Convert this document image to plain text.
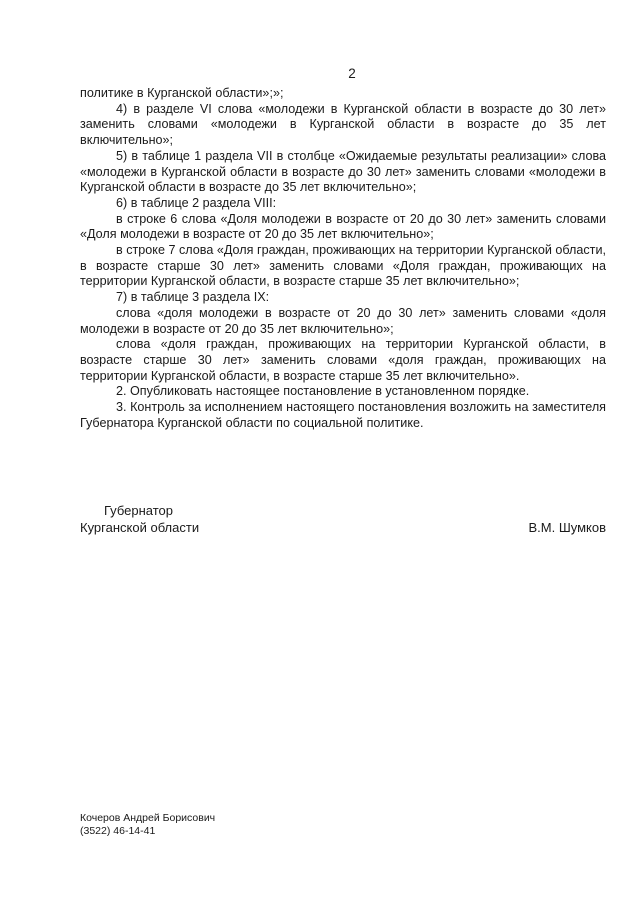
2

политике в Курганской области»;»;

4) в разделе VI слова «молодежи в Курганской области в возрасте до 30 лет» заменить словами «молодежи в Курганской области в возрасте до 35 лет включительно»;

5) в таблице 1 раздела VII в столбце «Ожидаемые результаты реализации» слова «молодежи в Курганской области в возрасте до 30 лет» заменить словами «молодежи в Курганской области в возрасте до 35 лет включительно»;

6) в таблице 2 раздела VIII:

в строке 6 слова «Доля молодежи в возрасте от 20 до 30 лет» заменить словами «Доля молодежи в возрасте от 20 до 35 лет включительно»;

в строке 7 слова «Доля граждан, проживающих на территории Курганской области, в возрасте старше 30 лет» заменить словами «Доля граждан, проживающих на территории Курганской области, в возрасте старше 35 лет включительно»;

7) в таблице 3 раздела IX:

слова «доля молодежи в возрасте от 20 до 30 лет» заменить словами «доля молодежи в возрасте от 20 до 35 лет включительно»;

слова «доля граждан, проживающих на территории Курганской области, в возрасте старше 30 лет» заменить словами «доля граждан, проживающих на территории Курганской области, в возрасте старше 35 лет включительно».

2. Опубликовать настоящее постановление в установленном порядке.

3. Контроль за исполнением настоящего постановления возложить на заместителя Губернатора Курганской области по социальной политике.

Губернатор
Курганской области	В.М. Шумков
Кочеров Андрей Борисович
(3522) 46-14-41
